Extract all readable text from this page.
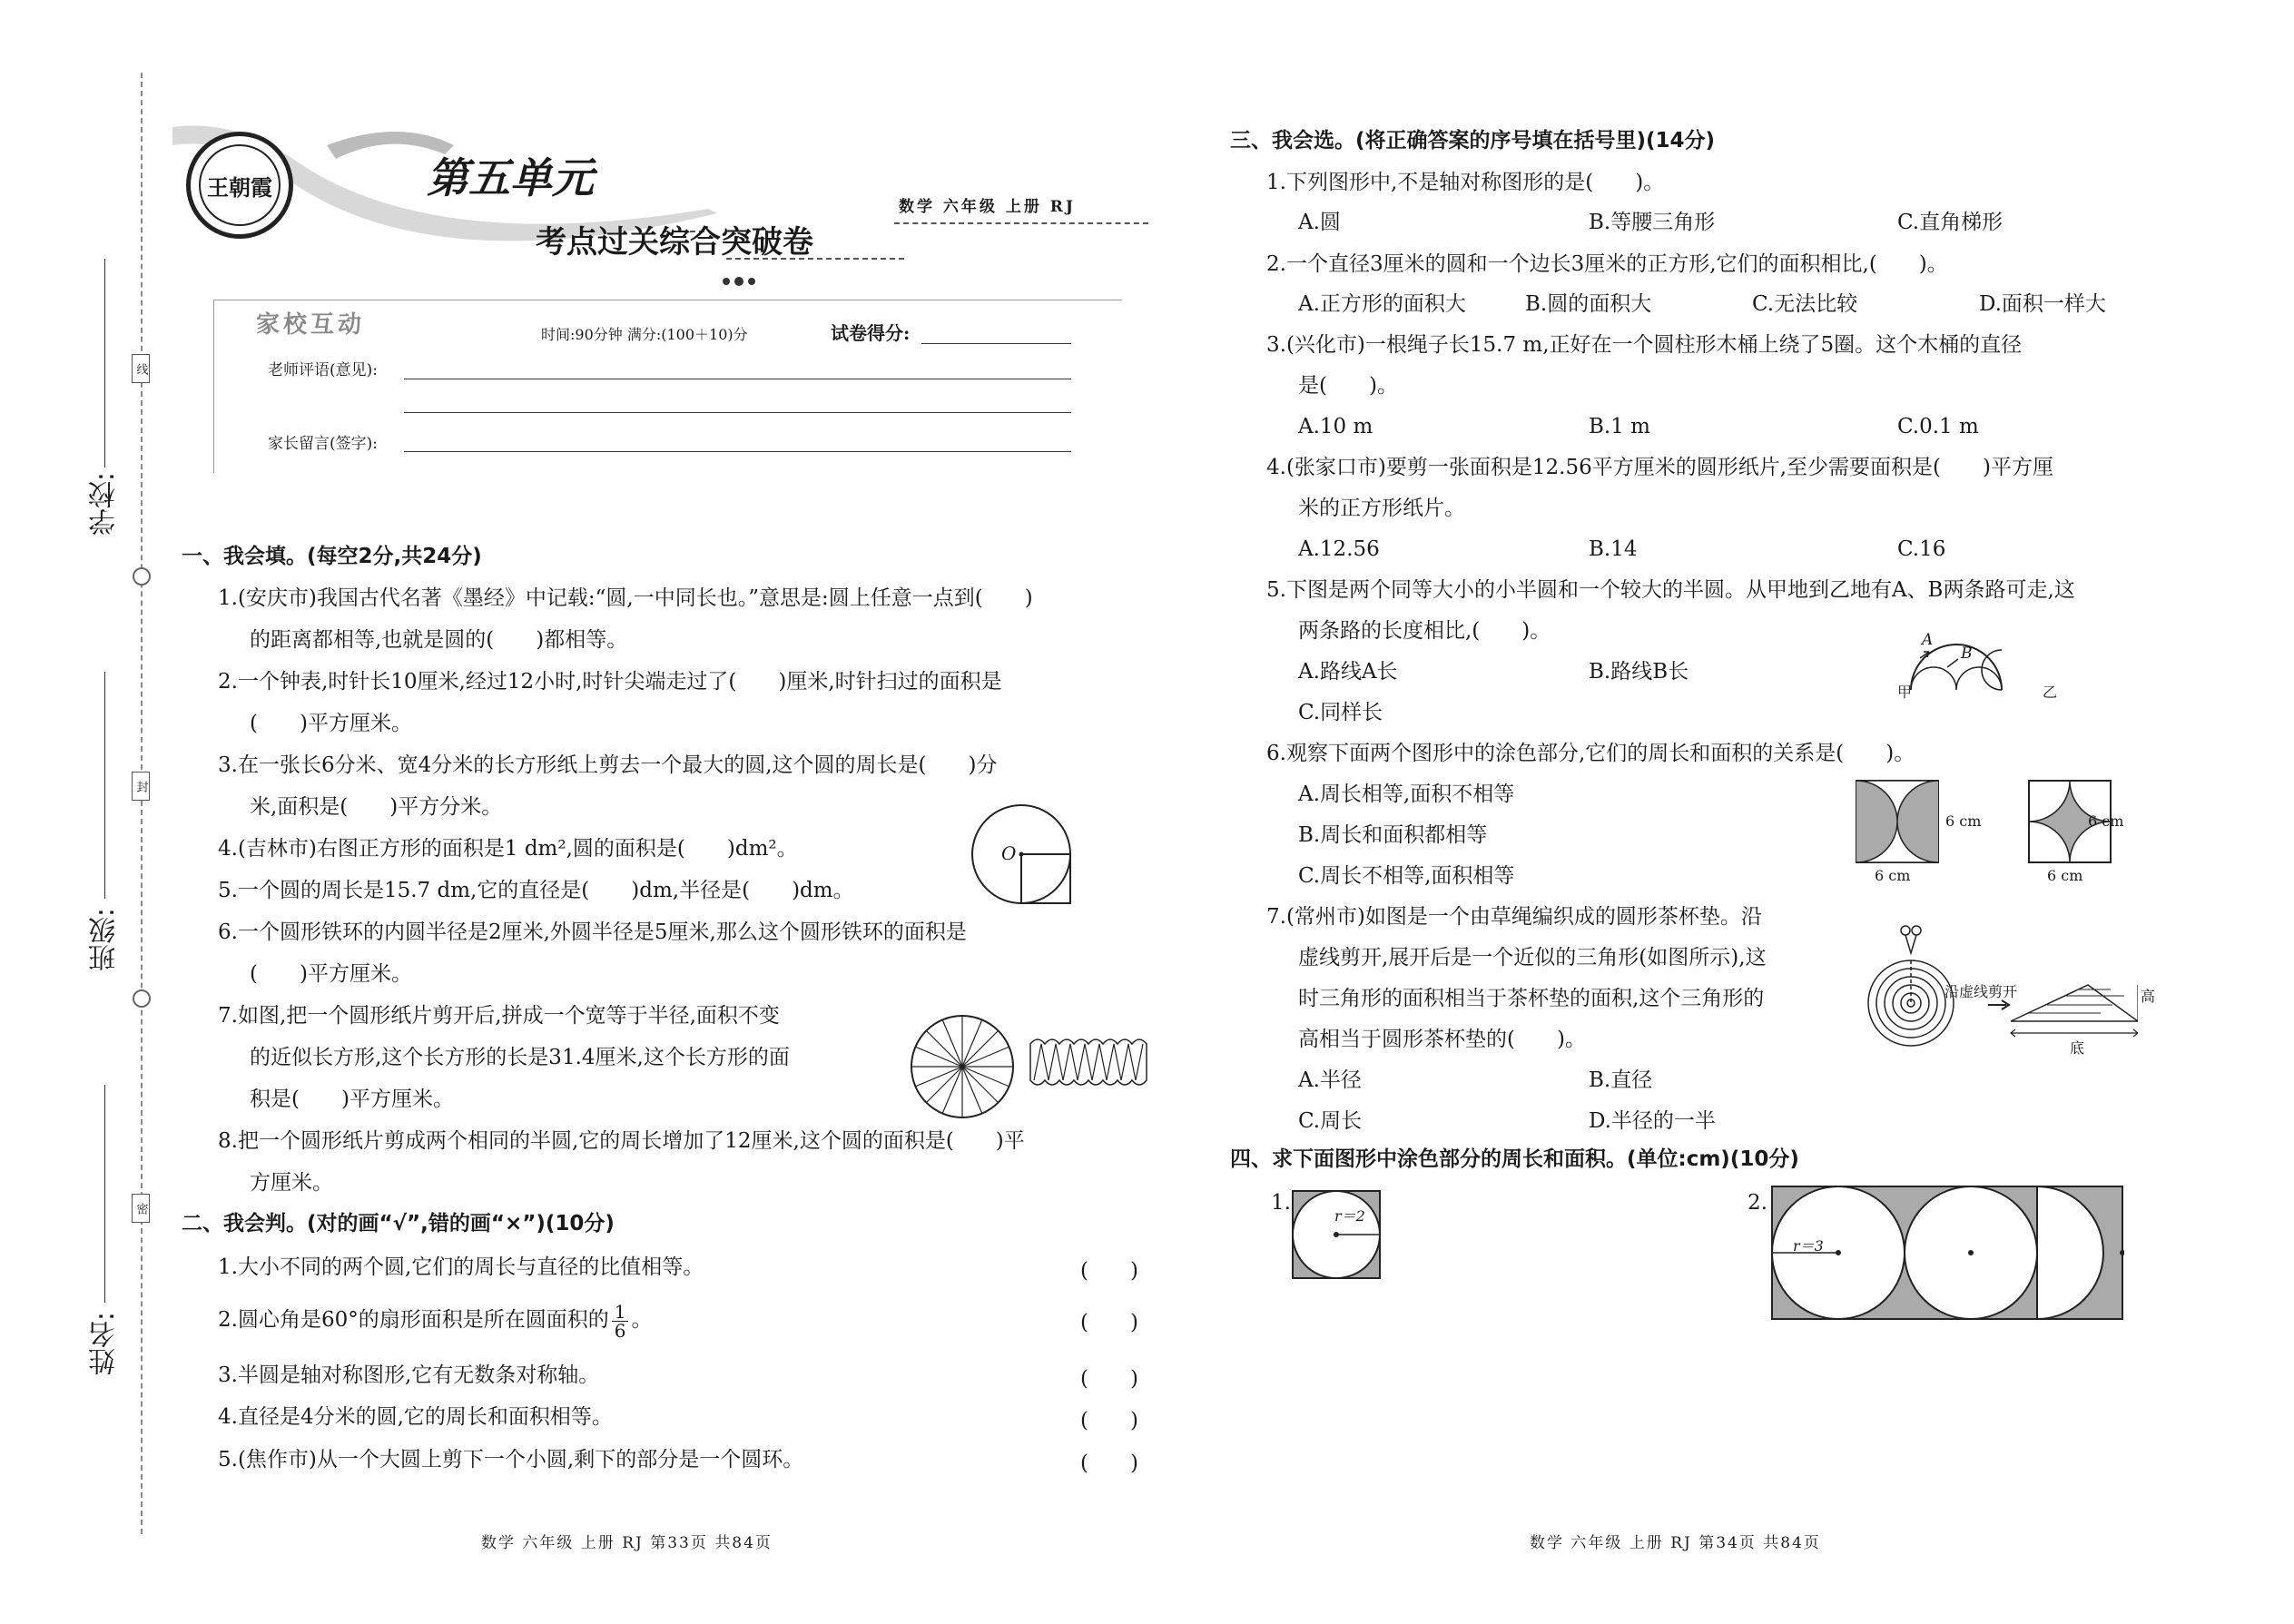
线
封
密
学校:
班级:
姓名:
王朝霞	第五单元
考点过关综合突破卷
数学 六年级 上册 RJ
家校互动	时间:90分钟 满分:(100＋10)分	试卷得分:
老师评语(意见):
家长留言(签字):
一、我会填。(每空2分,共24分)
1.(安庆市)我国古代名著《墨经》中记载:“圆,一中同长也。”意思是:圆上任意一点到(　　)
的距离都相等,也就是圆的(　　)都相等。
2.一个钟表,时针长10厘米,经过12小时,时针尖端走过了(　　)厘米,时针扫过的面积是
(　　)平方厘米。
3.在一张长6分米、宽4分米的长方形纸上剪去一个最大的圆,这个圆的周长是(　　)分
米,面积是(　　)平方分米。
4.(吉林市)右图正方形的面积是1 dm²,圆的面积是(　　)dm²。
5.一个圆的周长是15.7 dm,它的直径是(　　)dm,半径是(　　)dm。
6.一个圆形铁环的内圆半径是2厘米,外圆半径是5厘米,那么这个圆形铁环的面积是
(　　)平方厘米。
7.如图,把一个圆形纸片剪开后,拼成一个宽等于半径,面积不变
的近似长方形,这个长方形的长是31.4厘米,这个长方形的面
积是(　　)平方厘米。
8.把一个圆形纸片剪成两个相同的半圆,它的周长增加了12厘米,这个圆的面积是(　　)平
方厘米。
O
二、我会判。(对的画“√”,错的画“×”)(10分)
1.大小不同的两个圆,它们的周长与直径的比值相等。	(　　)
2.圆心角是60°的扇形面积是所在圆面积的 $\frac{1}{6}$ 。	(　　)
3.半圆是轴对称图形,它有无数条对称轴。	(　　)
4.直径是4分米的圆,它的周长和面积相等。	(　　)
5.(焦作市)从一个大圆上剪下一个小圆,剩下的部分是一个圆环。	(　　)
数学 六年级 上册 RJ 第33页 共84页
三、我会选。(将正确答案的序号填在括号里)(14分)
1.下列图形中,不是轴对称图形的是(　　)。
A.圆	B.等腰三角形	C.直角梯形
2.一个直径3厘米的圆和一个边长3厘米的正方形,它们的面积相比,(　　)。
A.正方形的面积大	B.圆的面积大	C.无法比较	D.面积一样大
3.(兴化市)一根绳子长15.7 m,正好在一个圆柱形木桶上绕了5圈。这个木桶的直径
是(　　)。
A.10 m	B.1 m	C.0.1 m
4.(张家口市)要剪一张面积是12.56平方厘米的圆形纸片,至少需要面积是(　　)平方厘
米的正方形纸片。
A.12.56	B.14	C.16
5.下图是两个同等大小的小半圆和一个较大的半圆。从甲地到乙地有A、B两条路可走,这
两条路的长度相比,(　　)。
A.路线A长	B.路线B长
C.同样长
A
B
甲	乙
6.观察下面两个图形中的涂色部分,它们的周长和面积的关系是(　　)。
A.周长相等,面积不相等
B.周长和面积都相等
C.周长不相等,面积相等
6 cm
6 cm
6 cm
6 cm
7.(常州市)如图是一个由草绳编织成的圆形茶杯垫。沿
虚线剪开,展开后是一个近似的三角形(如图所示),这
时三角形的面积相当于茶杯垫的面积,这个三角形的
高相当于圆形茶杯垫的(　　)。
A.半径	B.直径
C.周长	D.半径的一半
沿虚线剪开	高
底
四、求下面图形中涂色部分的周长和面积。(单位:cm)(10分)
1.
r＝2
2.
r＝3
数学 六年级 上册 RJ 第34页 共84页
